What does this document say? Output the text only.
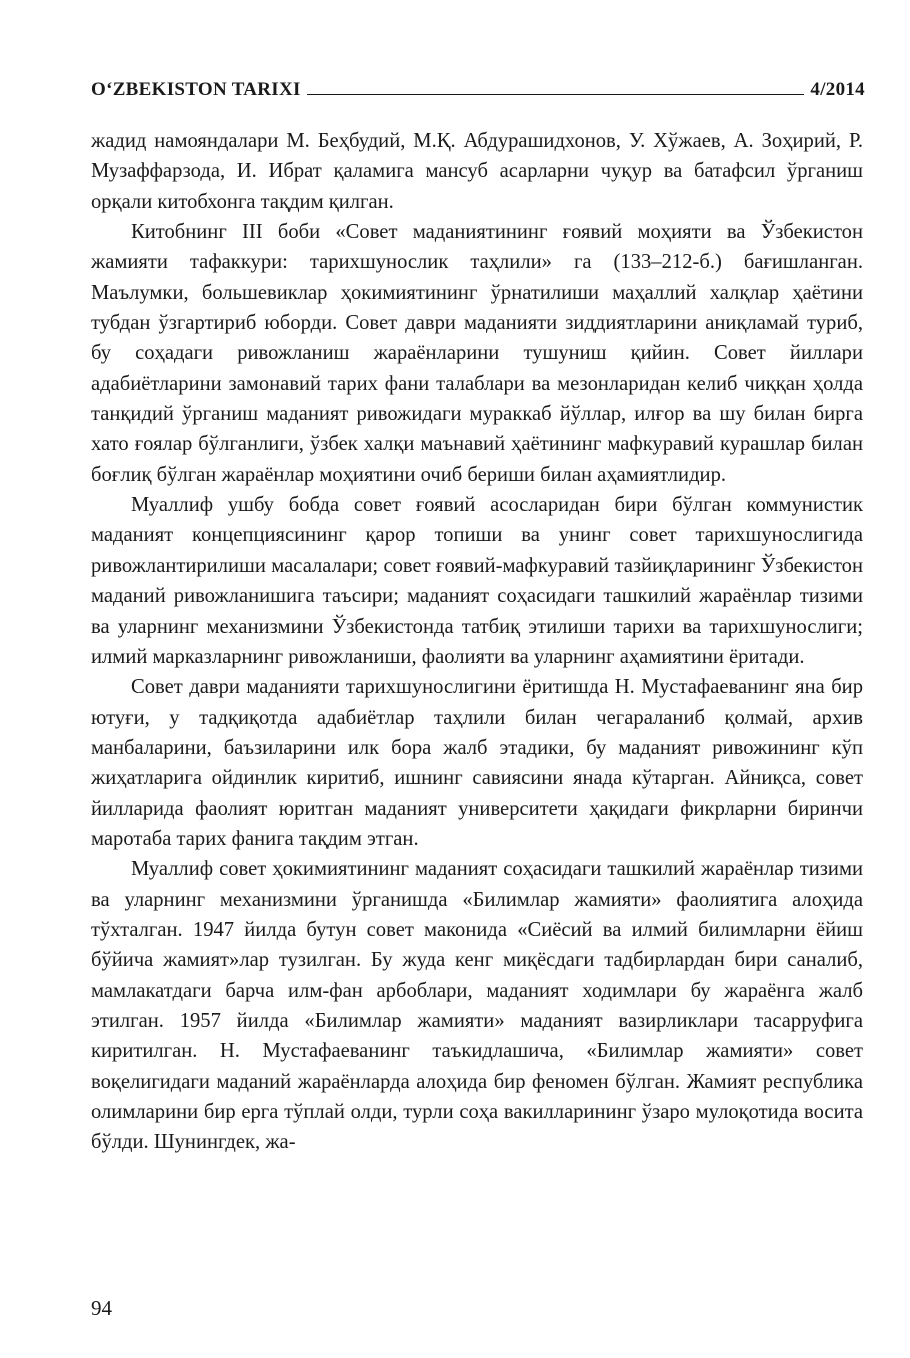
O‘ZBEKISTON TARIXI	4/2014

жадид намояндалари М. Беҳбудий, М.Қ. Абдурашидхонов, У. Хўжаев, А. Зоҳирий, Р. Музаффарзода, И. Ибрат қаламига мансуб асарларни чуқур ва батафсил ўрганиш орқали китобхонга тақдим қилган.

Китобнинг III боби «Совет маданиятининг ғоявий моҳияти ва Ўзбекистон жамияти тафаккури: тарихшунослик таҳлили» га (133–212-б.) бағишланган. Маълумки, большевиклар ҳокимиятининг ўрнатилиши маҳаллий халқлар ҳаётини тубдан ўзгартириб юборди. Совет даври маданияти зиддиятларини аниқламай туриб, бу соҳадаги ривожланиш жараёнларини тушуниш қийин. Совет йиллари адабиётларини замонавий тарих фани талаблари ва мезонларидан келиб чиққан ҳолда танқидий ўрганиш маданият ривожидаги мураккаб йўллар, илғор ва шу билан бирга хато ғоялар бўлганлиги, ўзбек халқи маънавий ҳаётининг мафкуравий курашлар билан боғлиқ бўлган жараёнлар моҳиятини очиб бериши билан аҳамиятлидир.

Муаллиф ушбу бобда совет ғоявий асосларидан бири бўлган коммунистик маданият концепциясининг қарор топиши ва унинг совет тарихшунослигида ривожлантирилиши масалалари; совет ғоявий-мафкуравий тазйиқларининг Ўзбекистон маданий ривожланишига таъсири; маданият соҳасидаги ташкилий жараёнлар тизими ва уларнинг механизмини Ўзбекистонда татбиқ этилиши тарихи ва тарихшунослиги; илмий марказларнинг ривожланиши, фаолияти ва уларнинг аҳамиятини ёритади.

Совет даври маданияти тарихшунослигини ёритишда Н. Мустафаеванинг яна бир ютуғи, у тадқиқотда адабиётлар таҳлили билан чегараланиб қолмай, архив манбаларини, баъзиларини илк бора жалб этадики, бу маданият ривожининг кўп жиҳатларига ойдинлик киритиб, ишнинг савиясини янада кўтарган. Айниқса, совет йилларида фаолият юритган маданият университети ҳақидаги фикрларни биринчи маротаба тарих фанига тақдим этган.

Муаллиф совет ҳокимиятининг маданият соҳасидаги ташкилий жараёнлар тизими ва уларнинг механизмини ўрганишда «Билимлар жамияти» фаолиятига алоҳида тўхталган. 1947 йилда бутун совет маконида «Сиёсий ва илмий билимларни ёйиш бўйича жамият»лар тузилган. Бу жуда кенг миқёсдаги тадбирлардан бири саналиб, мамлакатдаги барча илм-фан арбоблари, маданият ходимлари бу жараёнга жалб этилган. 1957 йилда «Билимлар жамияти» маданият вазирликлари тасарруфига киритилган. Н. Мустафаеванинг таъкидлашича, «Билимлар жамияти» совет воқелигидаги маданий жараёнларда алоҳида бир феномен бўлган. Жамият республика олимларини бир ерга тўплай олди, турли соҳа вакилларининг ўзаро мулоқотида восита бўлди. Шунингдек, жа-

94
